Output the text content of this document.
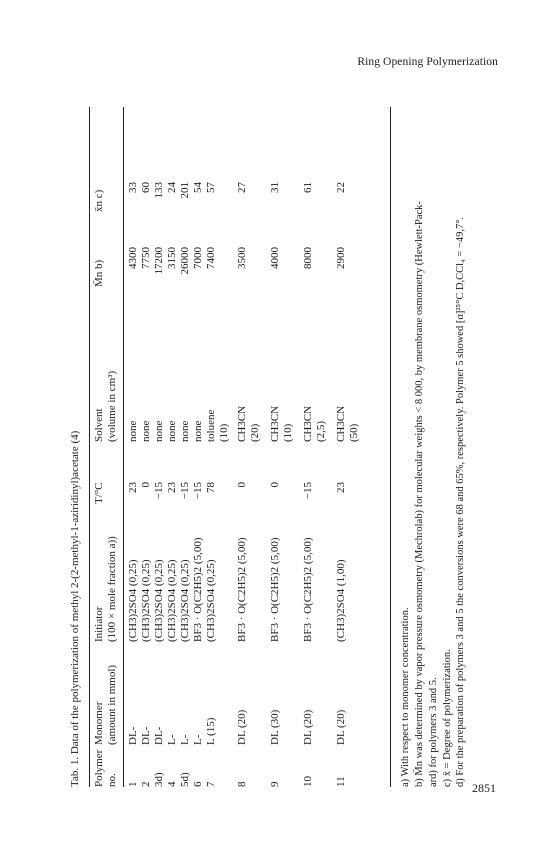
Ring Opening Polymerization
Tab. 1. Data of the polymerization of methyl 2-(2-methyl-1-aziridinyl)acetate (4) Polymer no.
Monomer (amount in mmol)
Initiator (100 × mole fraction a))
T/°C
Solvent (volume in cm³)
M̄n b)
x̄n c)
1
DL-
(CH3)2SO4 (0,25)
23
4300
33
none
2
DL-
(CH3)2SO4 (0,25)
0
7750
60
none
3d)
DL-
(CH3)2SO4 (0,25)
−15
17200
133
none
4
L-
(CH3)2SO4 (0,25)
23
3150
24
none
5d)
L-
(CH3)2SO4 (0,25)
−15
26000
201
none
6
L-
BF3 · O(C2H5)2 (5,00)
−15
7000
54
none
7
L (15)
(CH3)2SO4 (0,25)
78
7400
57
toluene (10)
8
DL (20)
BF3 · O(C2H5)2 (5,00)
0
3500
27
CH3CN (20)
9
DL (30)
BF3 · O(C2H5)2 (5,00)
0
4000
31
CH3CN (10)
10
DL (20)
BF3 · O(C2H5)2 (5,00)
−15
8000
61
CH3CN (2,5)
11
DL (20)
(CH3)2SO4 (1,00)
23
2900
22
CH3CN (50)
a) With respect to monomer concentration. b) M̄n was determined by vapor pressure osmometry (Mechrolab) for molecular weights < 8 000, by membrane osmometry (Hewlett-Pack- ard) for polymers 3 and 5. c) x̄ = Degree of polymerization. d) For the preparation of polymers 3 and 5 the conversions were 68 and 65%, respectively. Polymer 5 showed [α]²⁵°C D,CCl₄ = −49,7°.
2851
